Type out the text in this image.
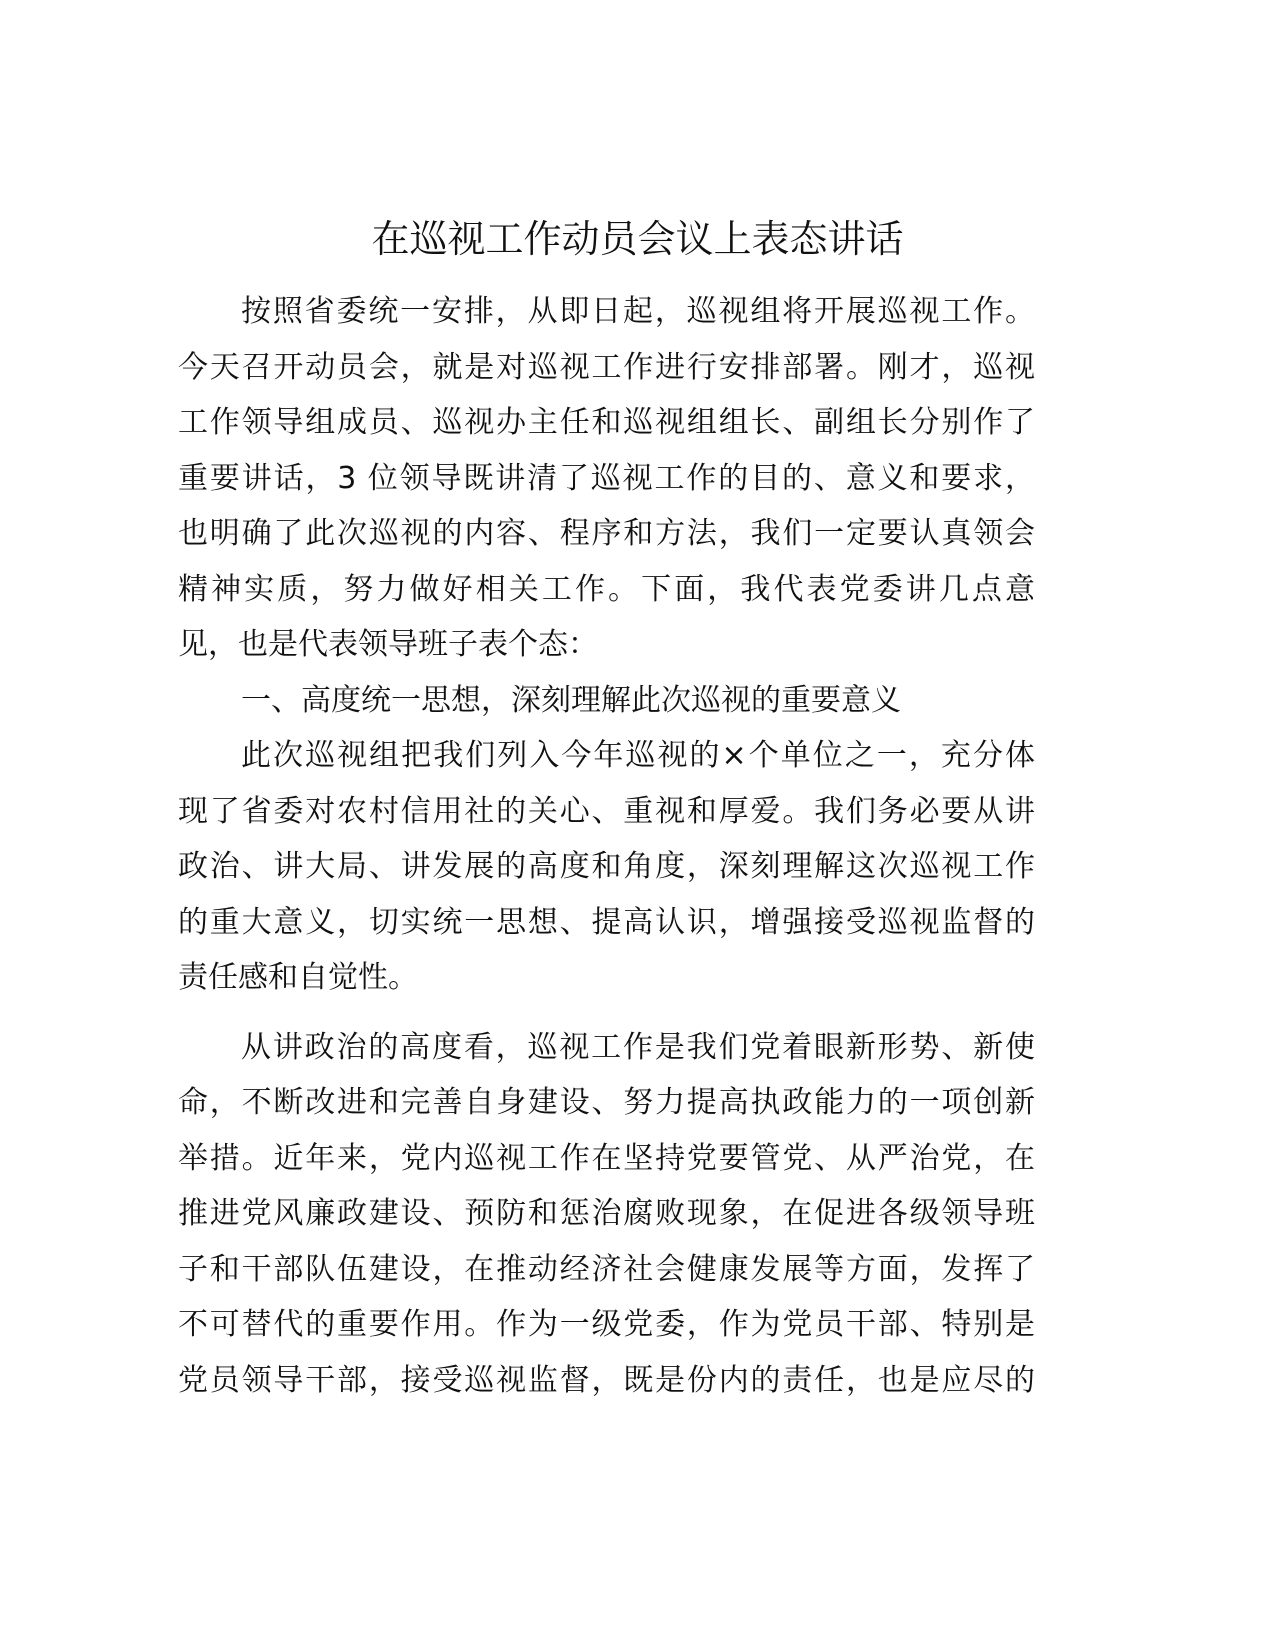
在巡视工作动员会议上表态讲话
按照省委统一安排，从即日起，巡视组将开展巡视工作。
今天召开动员会，就是对巡视工作进行安排部署。刚才，巡视
工作领导组成员、巡视办主任和巡视组组长、副组长分别作了
重要讲话，3 位领导既讲清了巡视工作的目的、意义和要求，
也明确了此次巡视的内容、程序和方法，我们一定要认真领会
精神实质，努力做好相关工作。下面，我代表党委讲几点意
见，也是代表领导班子表个态：
一、高度统一思想，深刻理解此次巡视的重要意义
此次巡视组把我们列入今年巡视的×个单位之一，充分体
现了省委对农村信用社的关心、重视和厚爱。我们务必要从讲
政治、讲大局、讲发展的高度和角度，深刻理解这次巡视工作
的重大意义，切实统一思想、提高认识，增强接受巡视监督的
责任感和自觉性。
从讲政治的高度看，巡视工作是我们党着眼新形势、新使
命，不断改进和完善自身建设、努力提高执政能力的一项创新
举措。近年来，党内巡视工作在坚持党要管党、从严治党，在
推进党风廉政建设、预防和惩治腐败现象，在促进各级领导班
子和干部队伍建设，在推动经济社会健康发展等方面，发挥了
不可替代的重要作用。作为一级党委，作为党员干部、特别是
党员领导干部，接受巡视监督，既是份内的责任，也是应尽的
